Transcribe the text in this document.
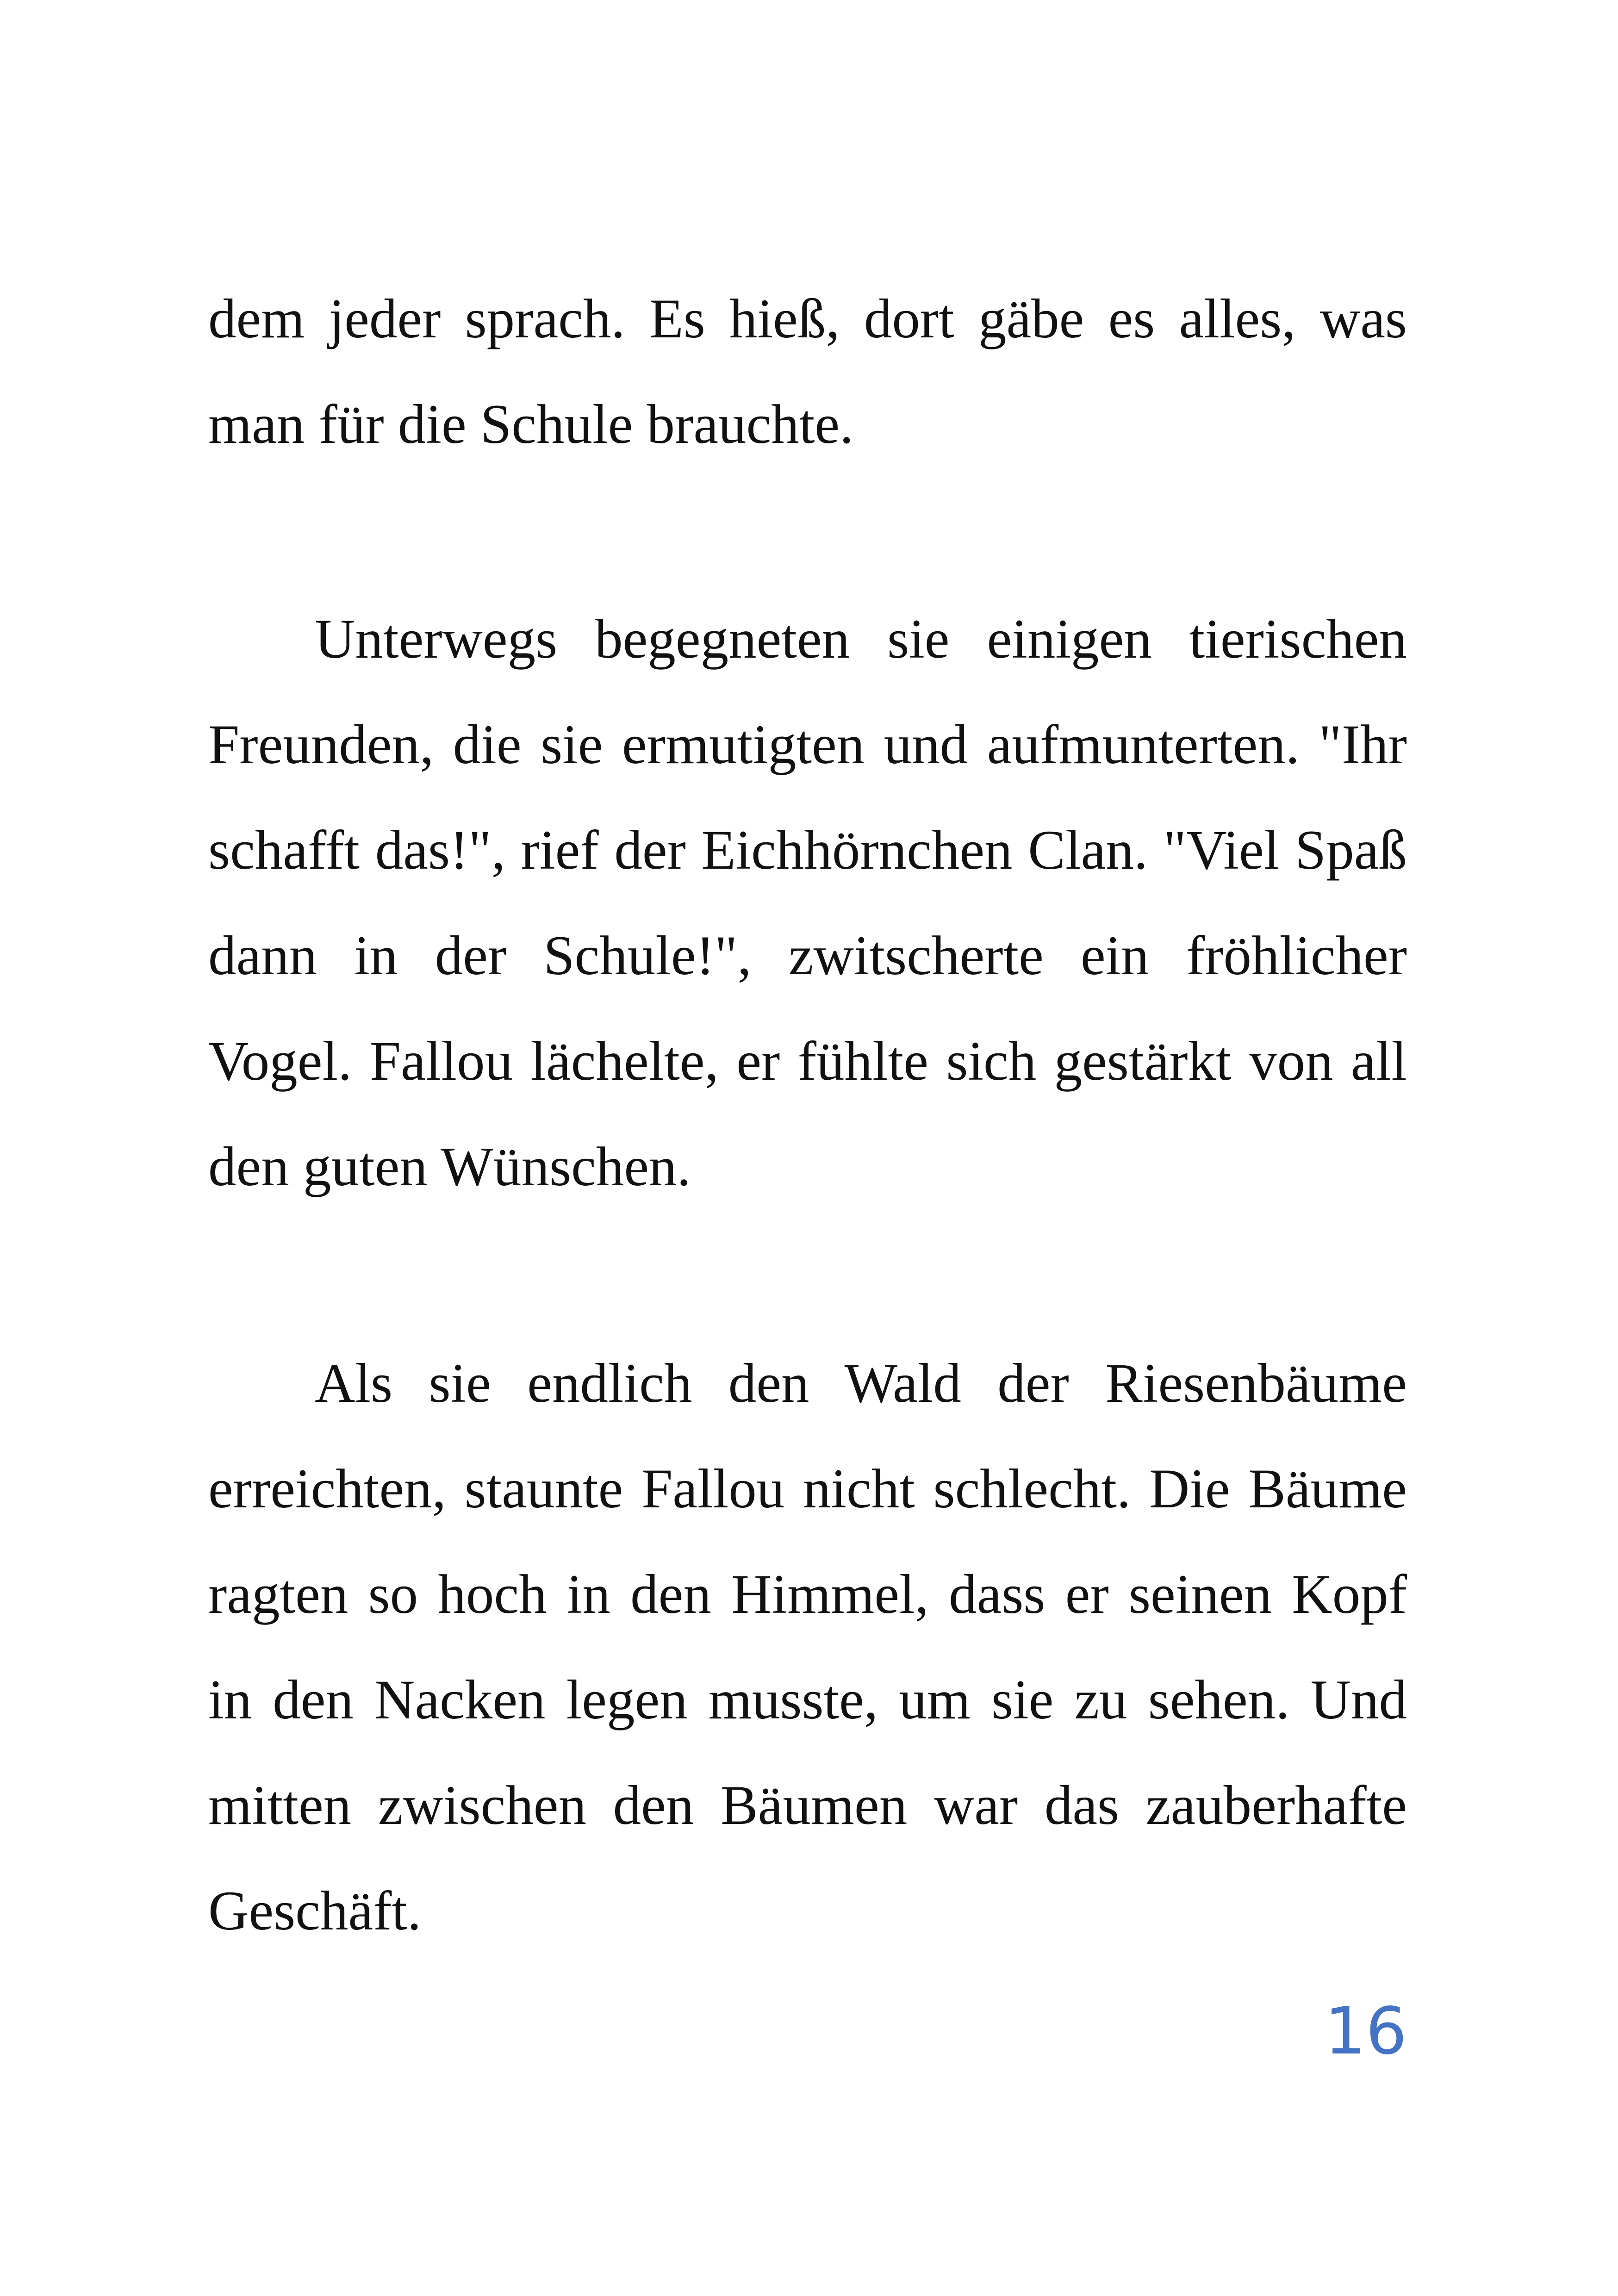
dem jeder sprach. Es hieß, dort gäbe es alles, was man für die Schule brauchte.

Unterwegs begegneten sie einigen tierischen Freunden, die sie ermutigten und aufmunterten. "Ihr schafft das!", rief der Eichhörnchen Clan. "Viel Spaß dann in der Schule!", zwitscherte ein fröhlicher Vogel. Fallou lächelte, er fühlte sich gestärkt von all den guten Wünschen.

Als sie endlich den Wald der Riesenbäume erreichten, staunte Fallou nicht schlecht. Die Bäume ragten so hoch in den Himmel, dass er seinen Kopf in den Nacken legen musste, um sie zu sehen. Und mitten zwischen den Bäumen war das zauberhafte Geschäft.

16
